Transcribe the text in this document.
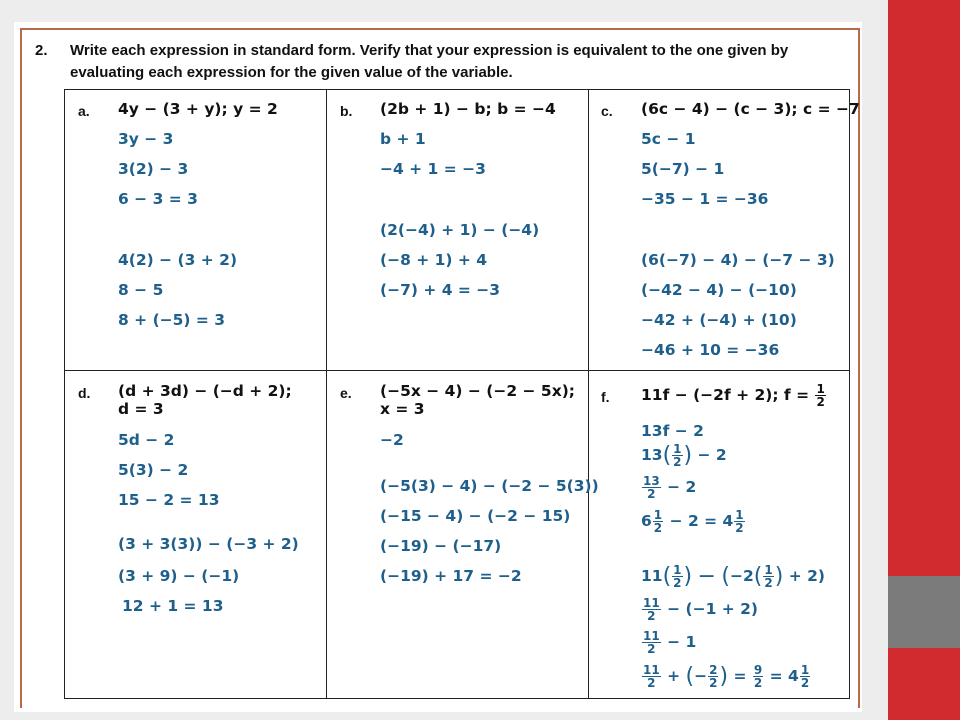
2. Write each expression in standard form. Verify that your expression is equivalent to the one given by evaluating each expression for the given value of the variable.
a. 4y − (3 + y); y = 2
3y − 3
3(2) − 3
6 − 3 = 3
4(2) − (3 + 2)
8 − 5
8 + (−5) = 3
b. (2b + 1) − b; b = −4
b + 1
−4 + 1 = −3
(2(−4) + 1) − (−4)
(−8 + 1) + 4
(−7) + 4 = −3
c. (6c − 4) − (c − 3); c = −7
5c − 1
5(−7) − 1
−35 − 1 = −36
(6(−7) − 4) − (−7 − 3)
(−42 − 4) − (−10)
−42 + (−4) + (10)
−46 + 10 = −36
d. (d + 3d) − (−d + 2);
d = 3
5d − 2
5(3) − 2
15 − 2 = 13
(3 + 3(3)) − (−3 + 2)
(3 + 9) − (−1)
12 + 1 = 13
e. (−5x − 4) − (−2 − 5x);
x = 3
−2
(−5(3) − 4) − (−2 − 5(3))
(−15 − 4) − (−2 − 15)
(−19) − (−17)
(−19) + 17 = −2
f. 11f − (−2f + 2); $f = \frac{1}{2}$
13f − 2
$13( \frac{1}{2}$ ) − 2
$\frac{13}{2} - 2$
$6 \frac{1}{2} - 2 = 4 \frac{1}{2}$
$11( \frac{1}{2}$ ) − ($-2( \frac{1}{2}$ ) + 2)
$\frac{11}{2} - (-1 + 2)$
$\frac{11}{2} - 1$
$\frac{11}{2}$ + (− $\frac{2}{2}$ ) = $\frac{9}{2} = 4 \frac{1}{2}$
